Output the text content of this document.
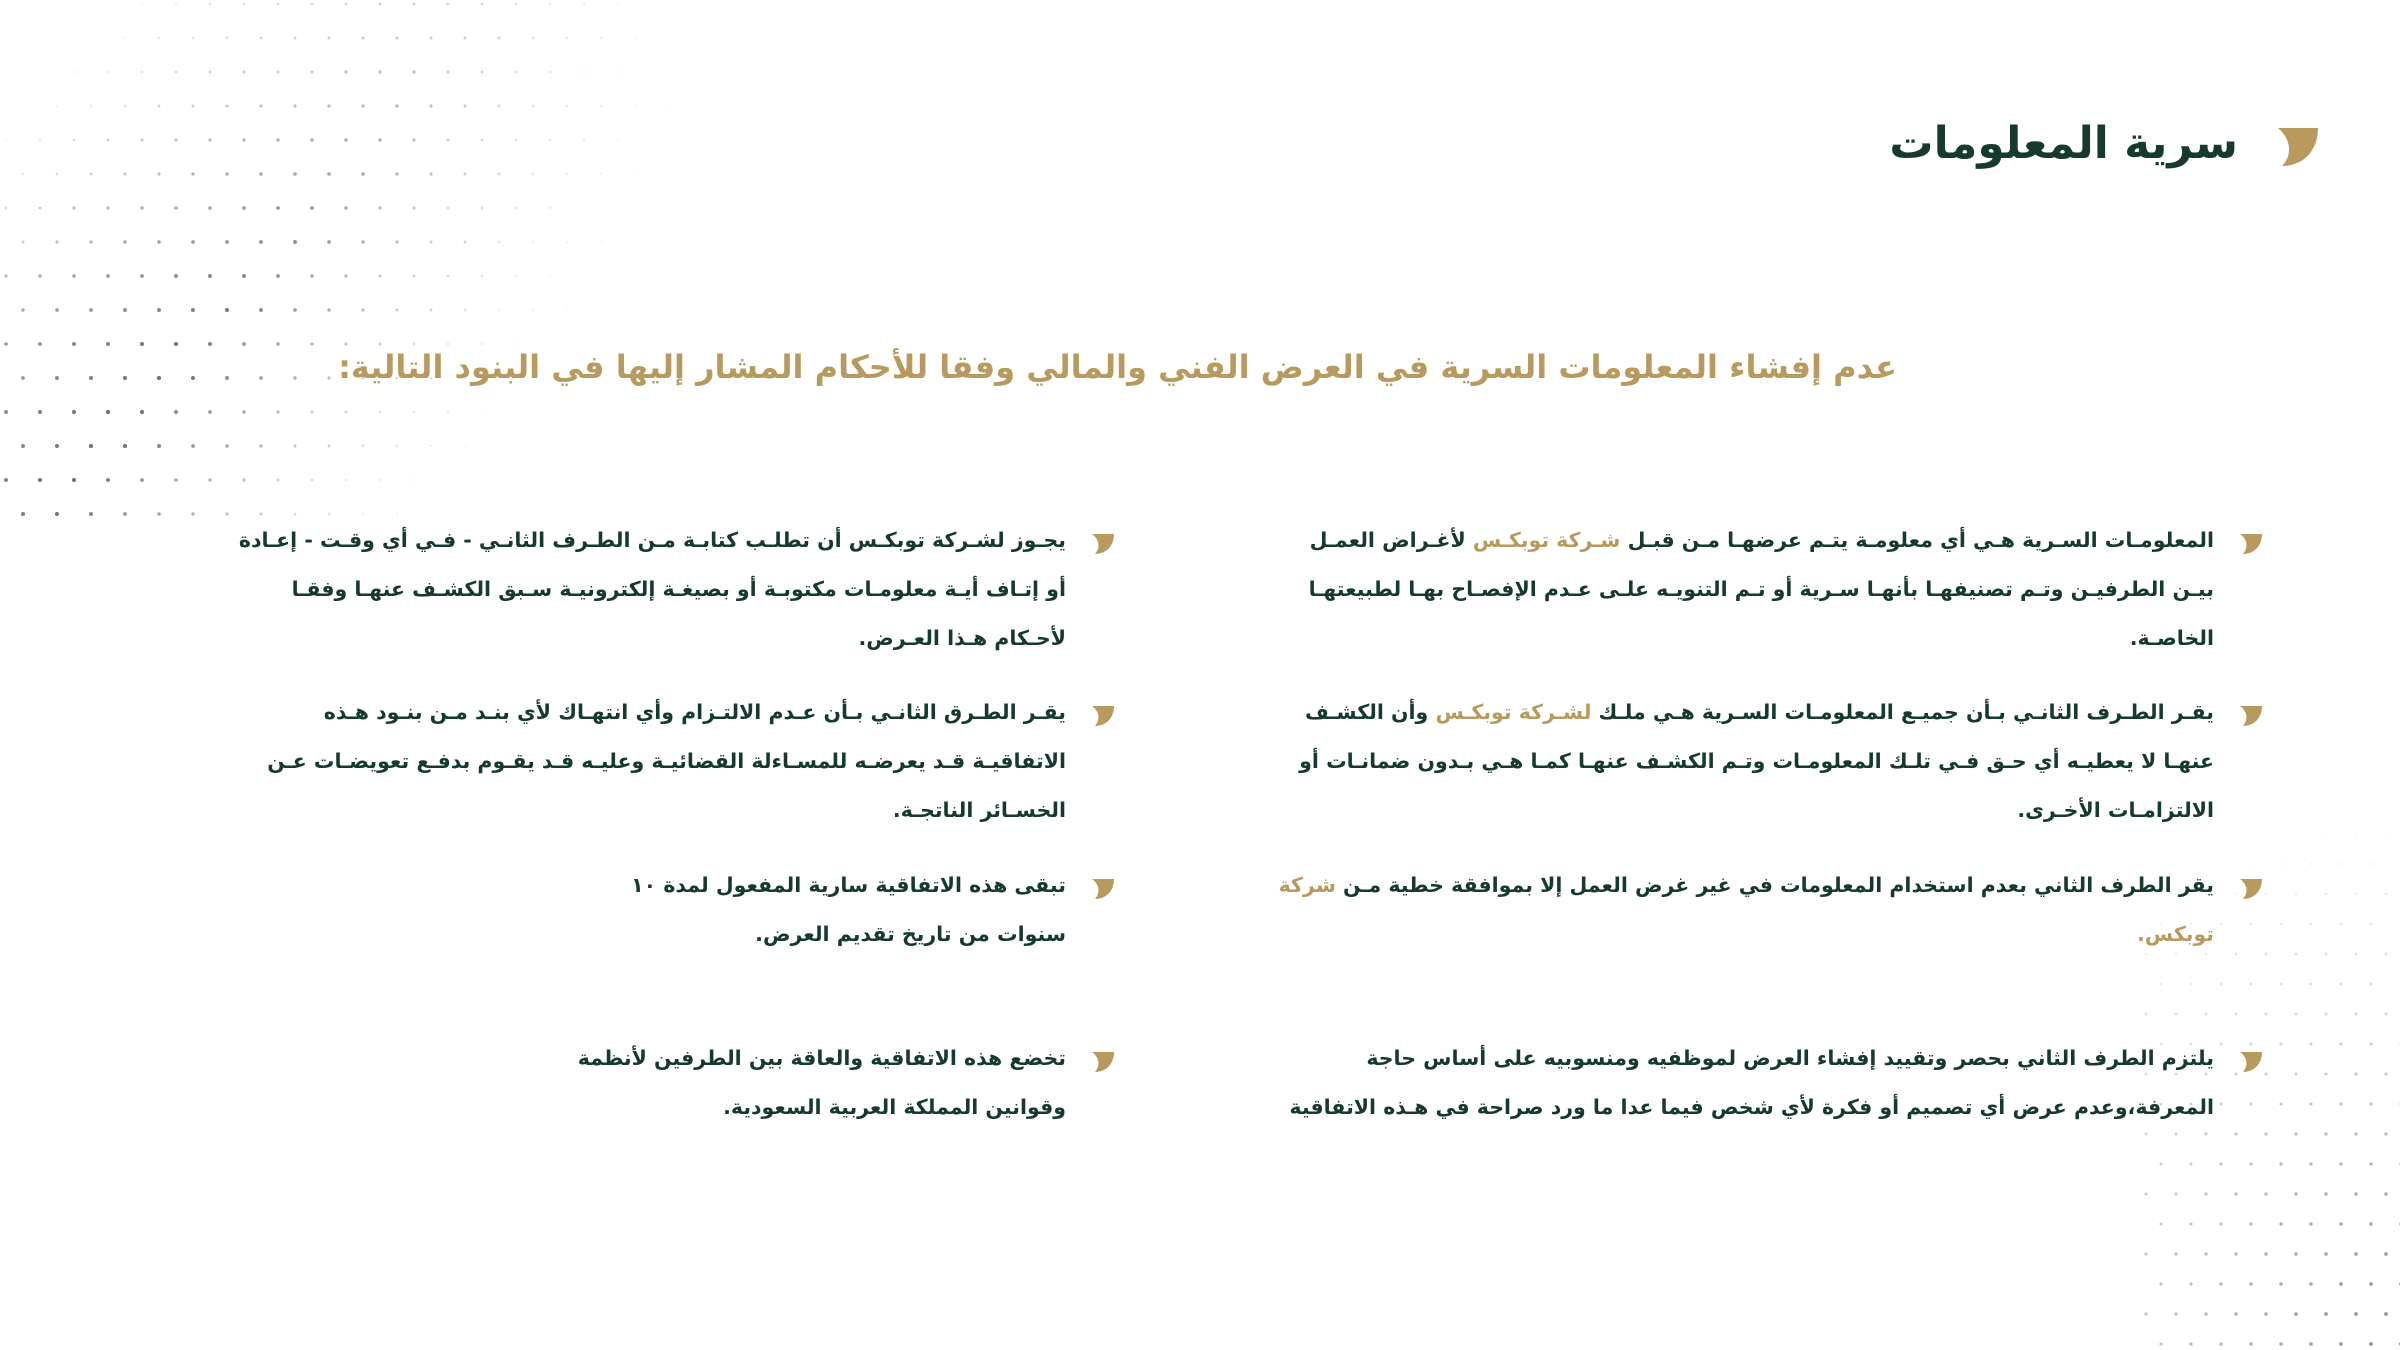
سرية المعلومات
عدم إفشاء المعلومات السرية في العرض الفني والمالي وفقا للأحكام المشار إليها في البنود التالية:

المعلومـات السـرية هـي أي معلومـة يتـم عرضهـا مـن قبـل شـركة توبكـس لأغـراض العمـل بيـن الطرفيـن وتـم تصنيفهـا بأنهـا سـرية أو تـم التنويـه علـى عـدم الإفصـاح بهـا لطبيعتهـا الخاصـة.

يقـر الطـرف الثانـي بـأن جميـع المعلومـات السـرية هـي ملـك لشـركة توبكـس وأن الكشـف عنهـا لا يعطيـه أي حـق فـي تلـك المعلومـات وتـم الكشـف عنهـا كمـا هـي بـدون ضمانـات أو الالتزامـات الأخـرى.

يقر الطرف الثاني بعدم استخدام المعلومات في غير غرض العمل إلا بموافقة خطية مـن شركة توبكس.

يلتزم الطرف الثاني بحصر وتقييد إفشاء العرض لموظفيه ومنسوبيه على أساس حاجة المعرفة،وعدم عرض أي تصميم أو فكرة لأي شخص فيما عدا ما ورد صراحة في هـذه الاتفاقية

يجـوز لشـركة توبكـس أن تطلـب كتابـة مـن الطـرف الثانـي - فـي أي وقـت - إعـادة أو إتـاف أيـة معلومـات مكتوبـة أو بصيغـة إلكترونيـة سـبق الكشـف عنهـا وفقـا لأحـكام هـذا العـرض.

يقـر الطـرق الثانـي بـأن عـدم الالتـزام وأي انتهـاك لأي بنـد مـن بنـود هـذه الاتفاقيـة قـد يعرضـه للمسـاءلة القضائيـة وعليـه قـد يقـوم بدفـع تعويضـات عـن الخسـائر الناتجـة.

تبقى هذه الاتفاقية سارية المفعول لمدة ١٠ سنوات من تاريخ تقديم العرض.

تخضع هذه الاتفاقية والعاقة بين الطرفين لأنظمة وقوانين المملكة العربية السعودية.
